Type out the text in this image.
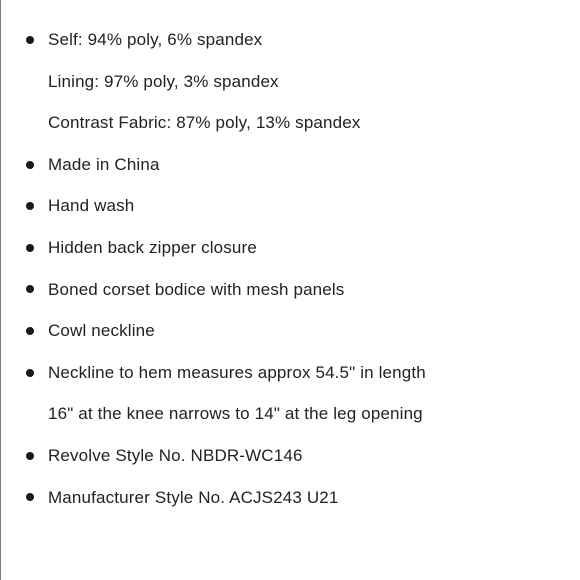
Self: 94% poly, 6% spandex
Lining: 97% poly, 3% spandex
Contrast Fabric: 87% poly, 13% spandex
Made in China
Hand wash
Hidden back zipper closure
Boned corset bodice with mesh panels
Cowl neckline
Neckline to hem measures approx 54.5" in length
16" at the knee narrows to 14" at the leg opening
Revolve Style No. NBDR-WC146
Manufacturer Style No. ACJS243 U21
